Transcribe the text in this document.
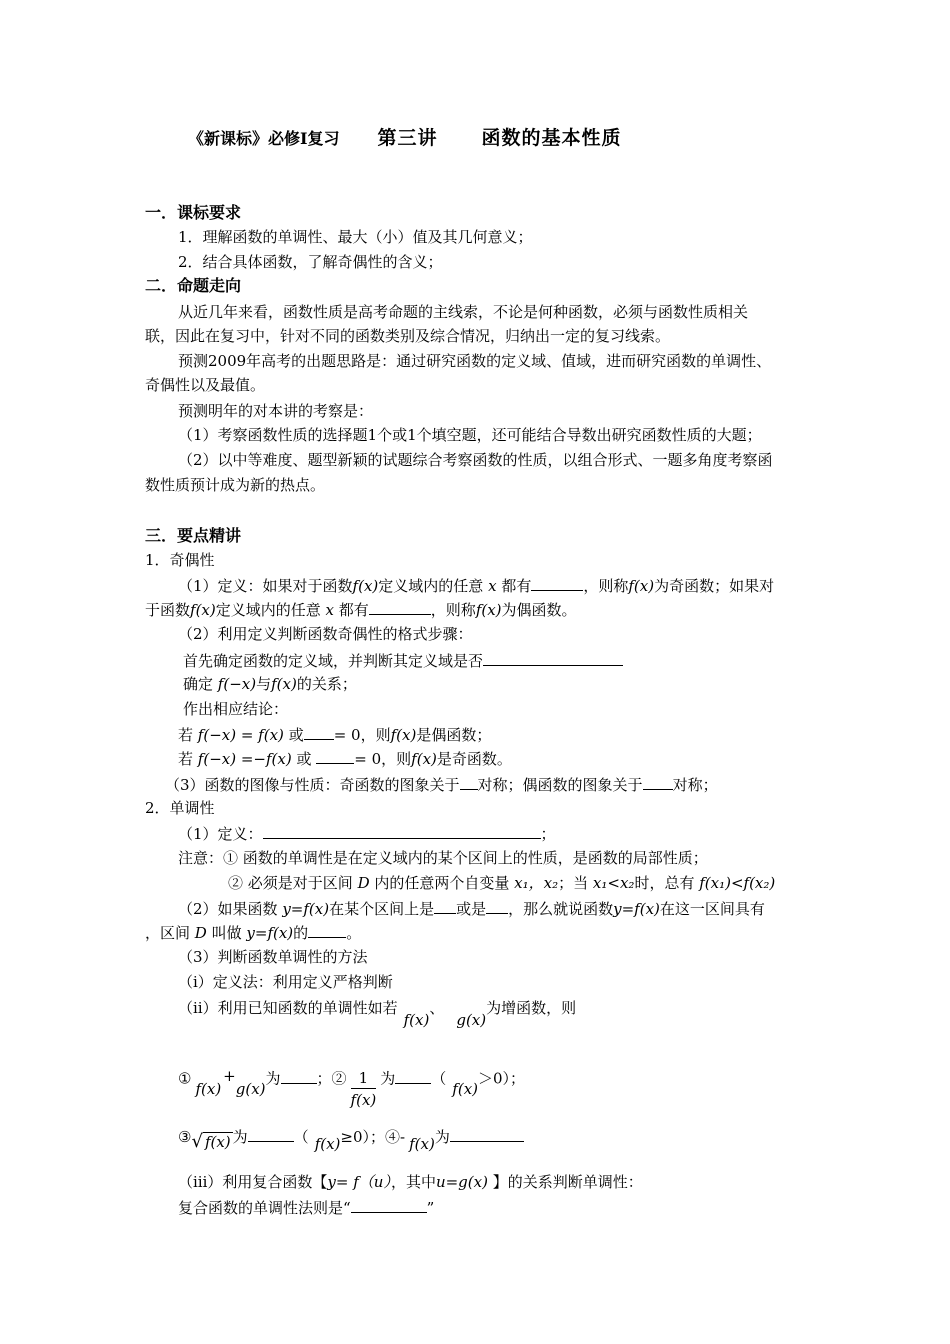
《新课标》必修Ⅰ复习 第三讲 函数的基本性质
一．课标要求
1．理解函数的单调性、最大（小）值及其几何意义；
2．结合具体函数，了解奇偶性的含义；
二．命题走向
从近几年来看，函数性质是高考命题的主线索，不论是何种函数，必须与函数性质相关
联，因此在复习中，针对不同的函数类别及综合情况，归纳出一定的复习线索。
预测2009年高考的出题思路是：通过研究函数的定义域、值域，进而研究函数的单调性、
奇偶性以及最值。
预测明年的对本讲的考察是：
（1）考察函数性质的选择题1个或1个填空题，还可能结合导数出研究函数性质的大题；
（2）以中等难度、题型新颖的试题综合考察函数的性质，以组合形式、一题多角度考察函
数性质预计成为新的热点。
三．要点精讲
1．奇偶性
（1）定义：如果对于函数f(x)定义域内的任意 x 都有	，则称f(x)为奇函数；如果对
于函数f(x)定义域内的任意 x 都有	，则称f(x)为偶函数。
（2）利用定义判断函数奇偶性的格式步骤：
首先确定函数的定义域，并判断其定义域是否
确定 f(−x)与f(x)的关系；
作出相应结论：
若 f(−x) = f(x) 或 = 0，则f(x)是偶函数；
若 f(−x) =−f(x) 或	= 0，则f(x)是奇函数。
（3）函数的图像与性质：奇函数的图象关于 对称；偶函数的图象关于 对称；
2．单调性
（1）定义：	；
注意：① 函数的单调性是在定义域内的某个区间上的性质，是函数的局部性质；
② 必须是对于区间 D 内的任意两个自变量 x₁，x₂；当 x₁<x₂时，总有 f(x₁)<f(x₂)
（2）如果函数 y=f(x)在某个区间上是 或是 ，那么就说函数y=f(x)在这一区间具有
，区间 D 叫做 y=f(x)的	。
（3）判断函数单调性的方法
（ⅰ）定义法：利用定义严格判断
（ⅱ）利用已知函数的单调性如若f(x)、g(x)为增函数，则
①f(x)+g(x)为 ；② $\frac{1}{f(x)}$ 为 （f(x)＞0）；
③√ f(x) 为	（ f(x)≥0）；④- f(x)为
（ⅲ）利用复合函数【y= f（u），其中u=g(x) 】的关系判断单调性：
复合函数的单调性法则是“	”
